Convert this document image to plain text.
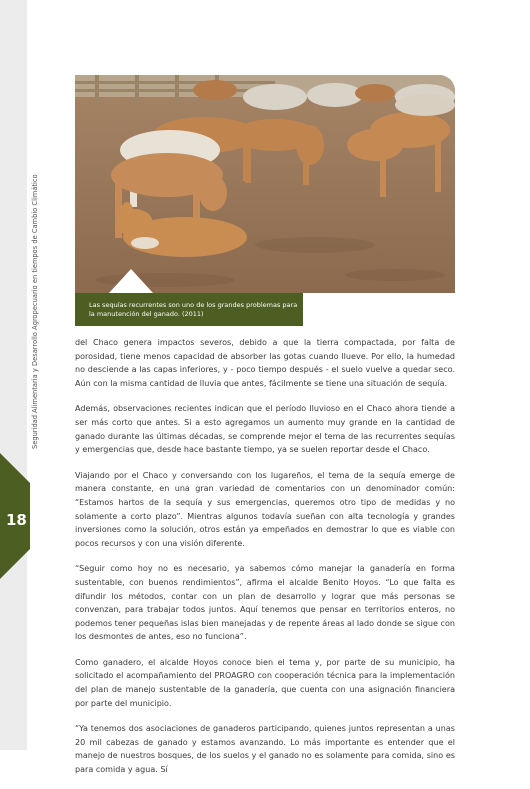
Seguridad Alimentaria y Desarrollo Agropecuario en tiempos de Cambio Climático
18
Las sequías recurrentes son uno de los grandes problemas para la manutención del ganado. (2011)

del Chaco genera impactos severos, debido a que la tierra compactada, por falta de porosidad, tiene menos capacidad de absorber las gotas cuando llueve. Por ello, la humedad no desciende a las capas inferiores, y - poco tiempo después - el suelo vuelve a quedar seco. Aún con la misma cantidad de lluvia que antes, fácilmente se tiene una situación de sequía.

Además, observaciones recientes indican que el período lluvioso en el Chaco ahora tiende a ser más corto que antes. Si a esto agregamos un aumento muy grande en la cantidad de ganado durante las últimas décadas, se comprende mejor el tema de las recurrentes sequías y emergencias que, desde hace bastante tiempo, ya se suelen reportar desde el Chaco.

Viajando por el Chaco y conversando con los lugareños, el tema de la sequía emerge de manera constante, en una gran variedad de comentarios con un denominador común: “Estamos hartos de la sequía y sus emergencias, queremos otro tipo de medidas y no solamente a corto plazo”. Mientras algunos todavía sueñan con alta tecnología y grandes inversiones como la solución, otros están ya empeñados en demostrar lo que es viable con pocos recursos y con una visión diferente.

“Seguir como hoy no es necesario, ya sabemos cómo manejar la ganadería en forma sustentable, con buenos rendimientos”, afirma el alcalde Benito Hoyos. “Lo que falta es difundir los métodos, contar con un plan de desarrollo y lograr que más personas se convenzan, para trabajar todos juntos. Aquí tenemos que pensar en territorios enteros, no podemos tener pequeñas islas bien manejadas y de repente áreas al lado donde se sigue con los desmontes de antes, eso no funciona”.

Como ganadero, el alcalde Hoyos conoce bien el tema y, por parte de su municipio, ha solicitado el acompañamiento del PROAGRO con cooperación técnica para la implementación del plan de manejo sustentable de la ganadería, que cuenta con una asignación financiera por parte del municipio.

“Ya tenemos dos asociaciones de ganaderos participando, quienes juntos representan a unas 20 mil cabezas de ganado y estamos avanzando. Lo más importante es entender que el manejo de nuestros bosques, de los suelos y el ganado no es solamente para comida, sino es para comida y agua. Sí
